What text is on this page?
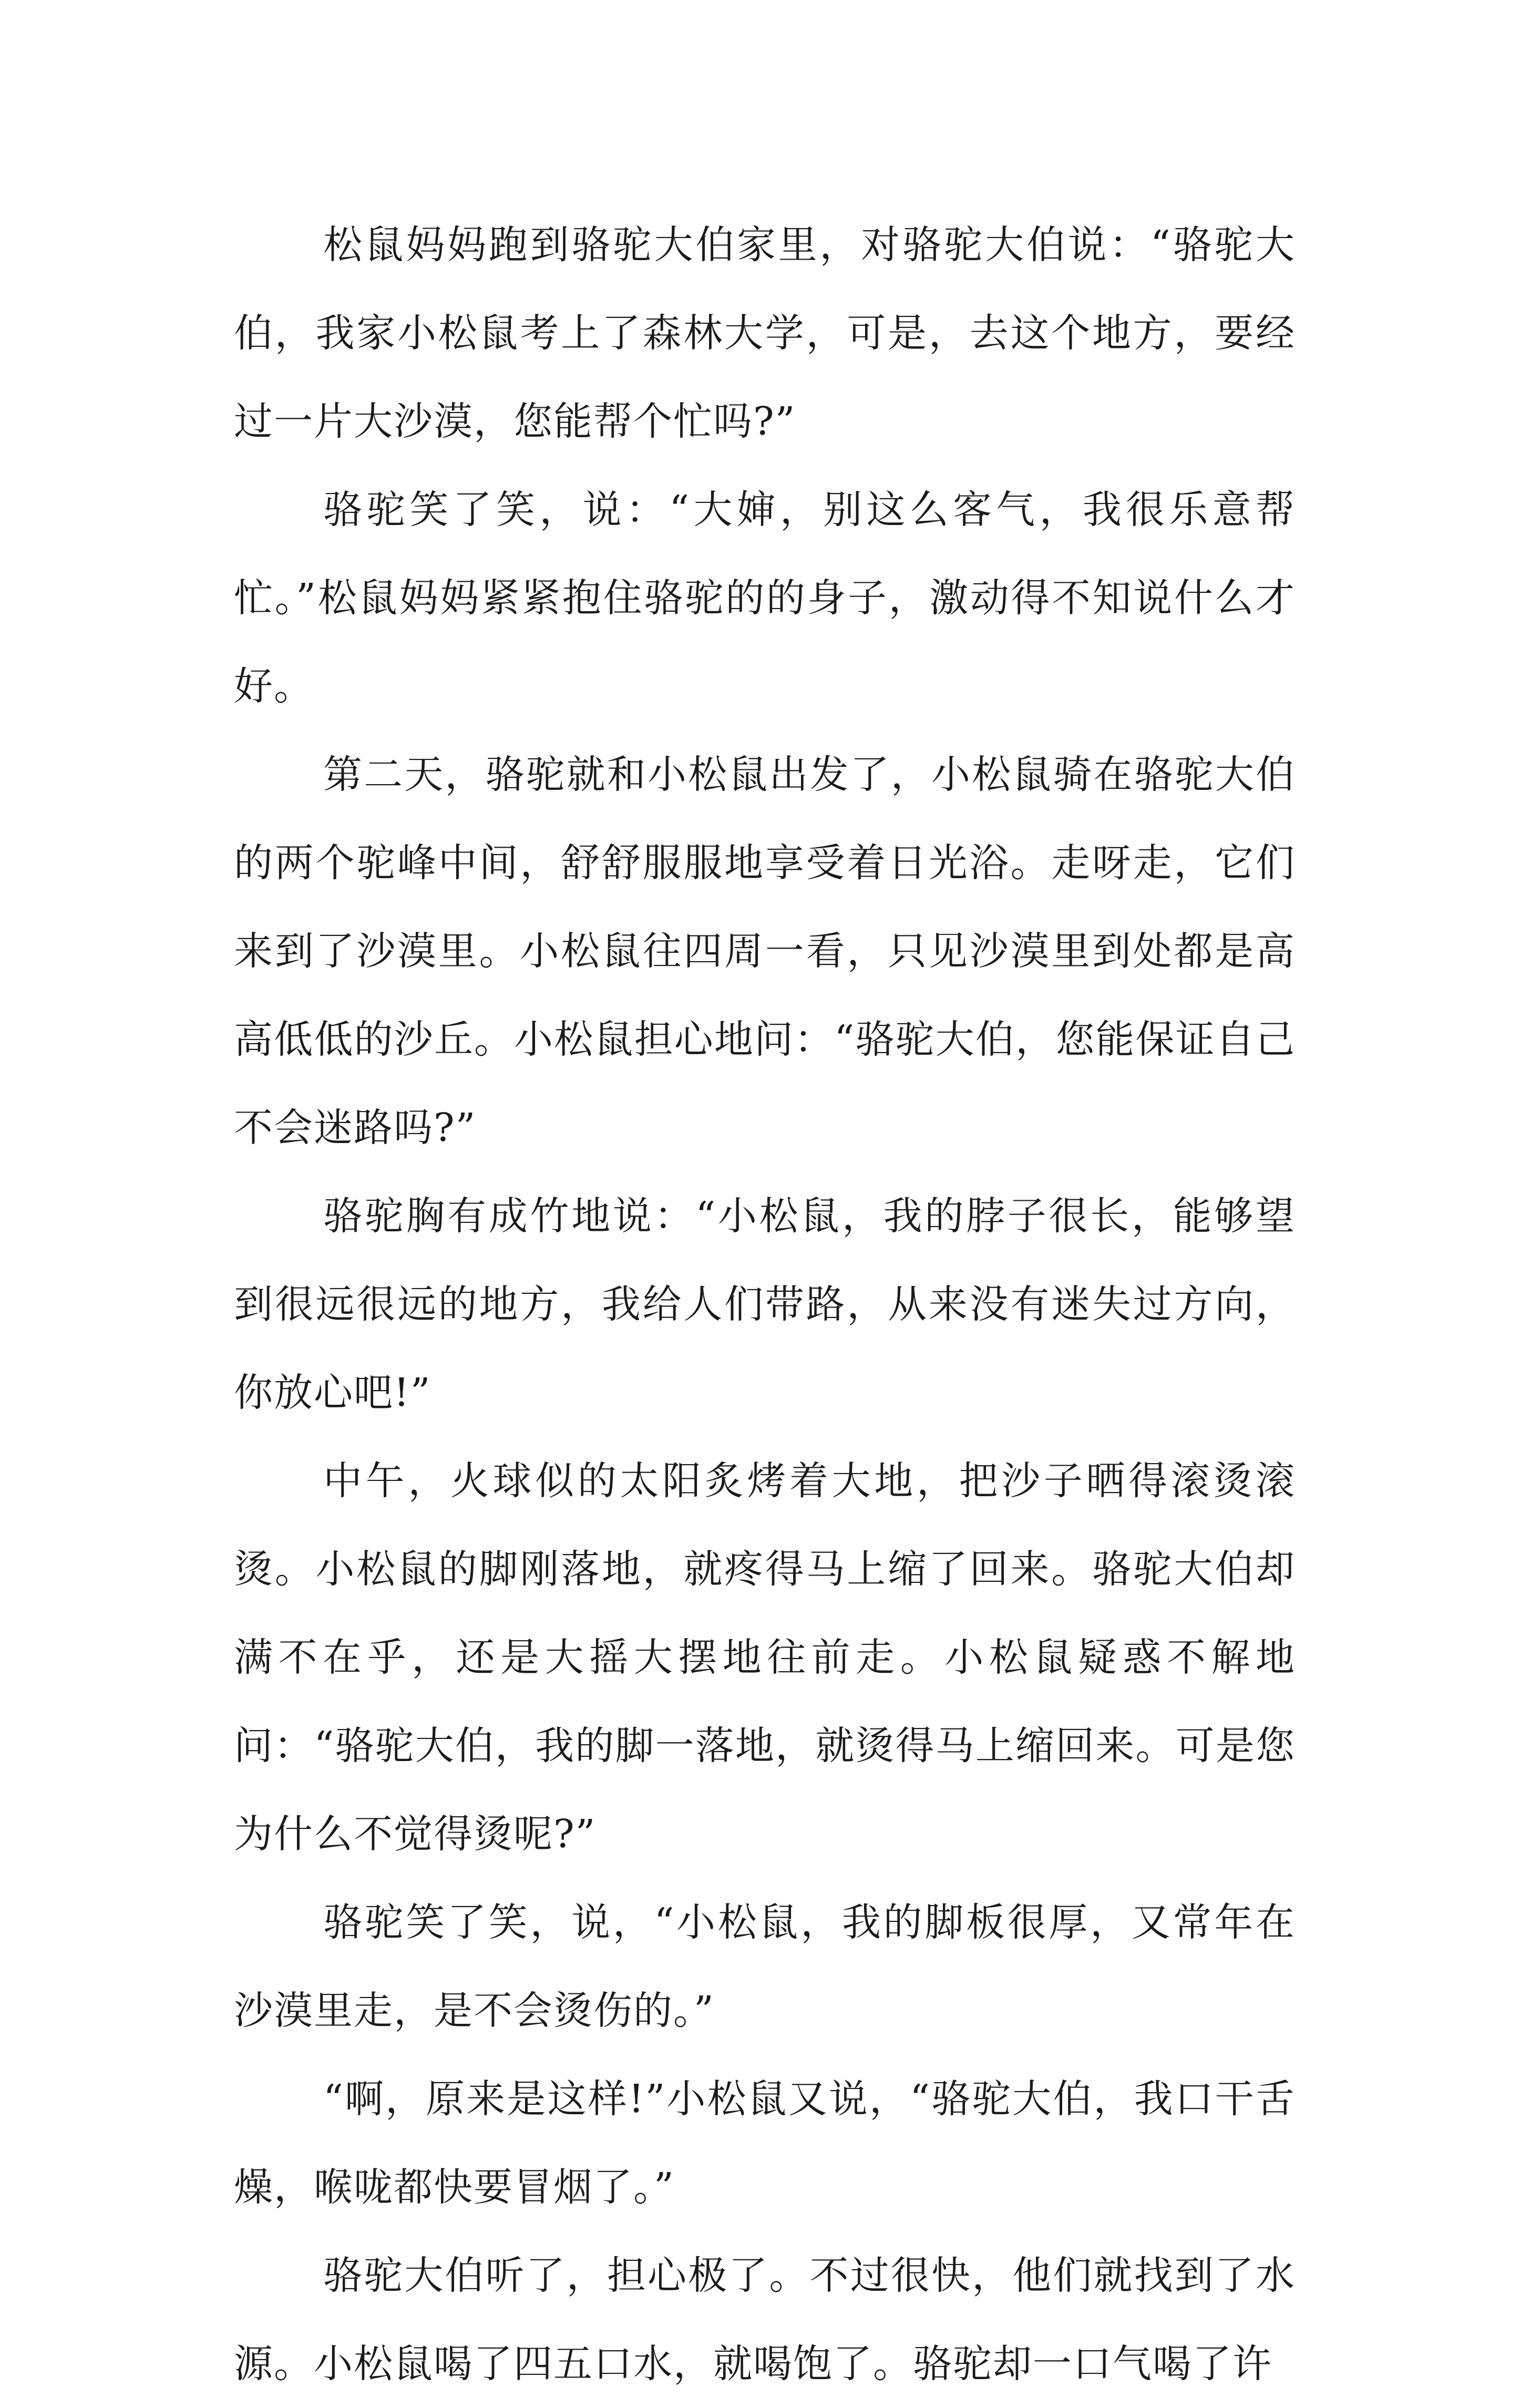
松鼠妈妈跑到骆驼大伯家里，对骆驼大伯说：“骆驼大伯，我家小松鼠考上了森林大学，可是，去这个地方，要经过一片大沙漠，您能帮个忙吗?”

骆驼笑了笑，说：“大婶，别这么客气，我很乐意帮忙。”松鼠妈妈紧紧抱住骆驼的的身子，激动得不知说什么才好。

第二天，骆驼就和小松鼠出发了，小松鼠骑在骆驼大伯的两个驼峰中间，舒舒服服地享受着日光浴。走呀走，它们来到了沙漠里。小松鼠往四周一看，只见沙漠里到处都是高高低低的沙丘。小松鼠担心地问：“骆驼大伯，您能保证自己不会迷路吗?”

骆驼胸有成竹地说：“小松鼠，我的脖子很长，能够望到很远很远的地方，我给人们带路，从来没有迷失过方向，你放心吧!”

中午，火球似的太阳炙烤着大地，把沙子晒得滚烫滚烫。小松鼠的脚刚落地，就疼得马上缩了回来。骆驼大伯却满不在乎，还是大摇大摆地往前走。小松鼠疑惑不解地问：“骆驼大伯，我的脚一落地，就烫得马上缩回来。可是您为什么不觉得烫呢?”

骆驼笑了笑，说，“小松鼠，我的脚板很厚，又常年在沙漠里走，是不会烫伤的。”

“啊，原来是这样!”小松鼠又说，“骆驼大伯，我口干舌燥，喉咙都快要冒烟了。”

骆驼大伯听了，担心极了。不过很快，他们就找到了水源。小松鼠喝了四五口水，就喝饱了。骆驼却一口气喝了许
